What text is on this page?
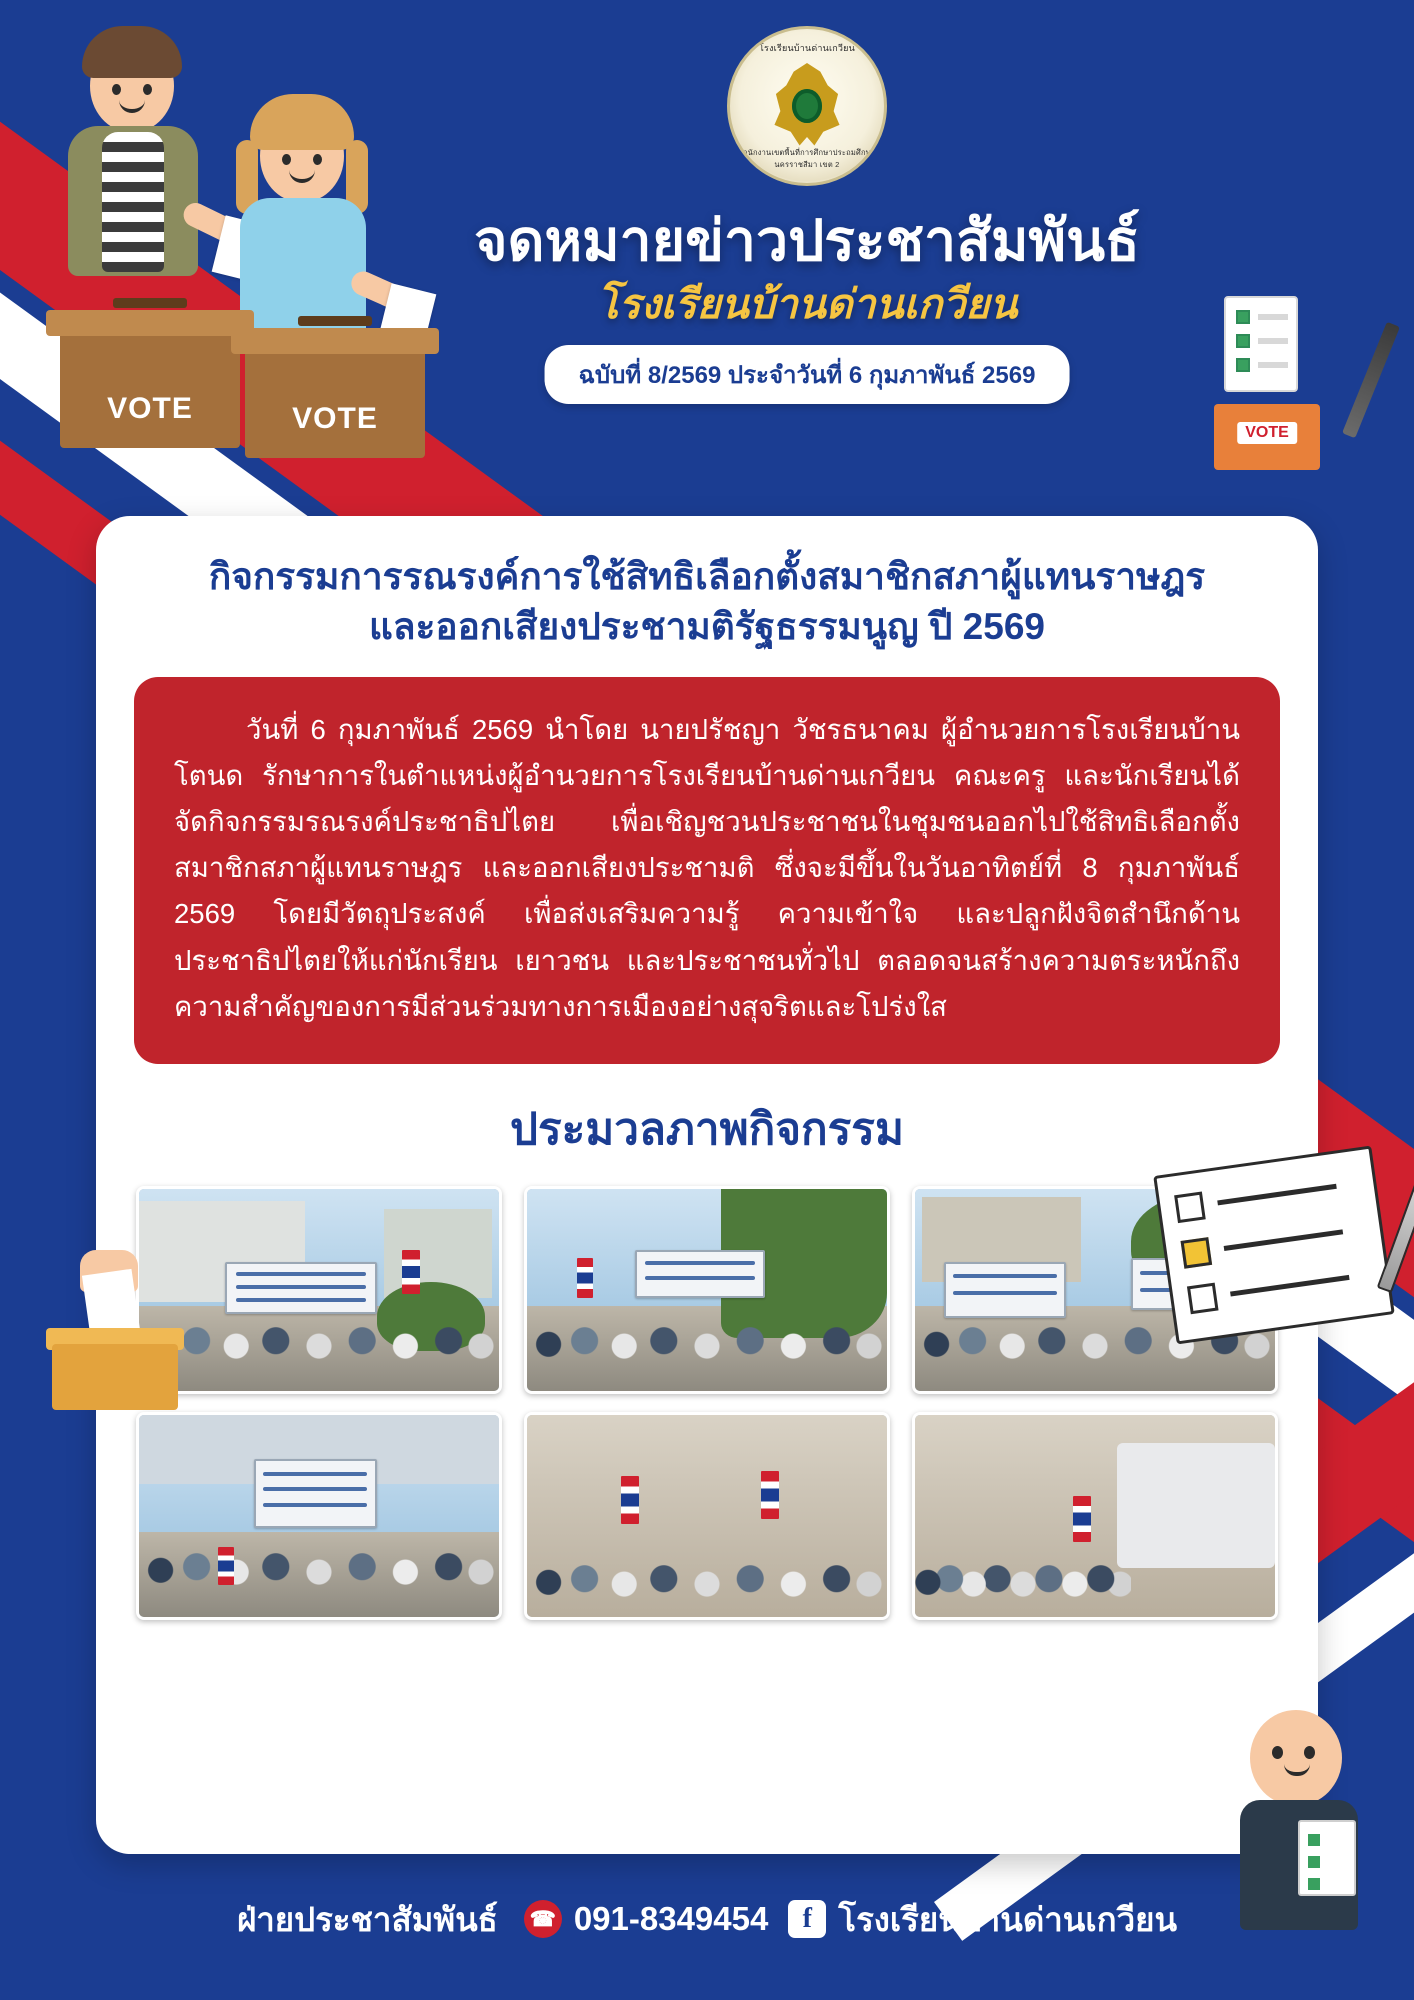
โรงเรียนบ้านด่านเกวียน
สำนักงานเขตพื้นที่การศึกษาประถมศึกษานครราชสีมา เขต 2
จดหมายข่าวประชาสัมพันธ์
โรงเรียนบ้านด่านเกวียน
ฉบับที่ 8/2569 ประจำวันที่ 6 กุมภาพันธ์ 2569
VOTE	VOTE	VOTE
กิจกรรมการรณรงค์การใช้สิทธิเลือกตั้งสมาชิกสภาผู้แทนราษฎร
และออกเสียงประชามติรัฐธรรมนูญ ปี 2569

วันที่ 6 กุมภาพันธ์ 2569 นำโดย นายปรัชญา วัชรธนาคม ผู้อำนวยการโรงเรียนบ้านโตนด รักษาการในตำแหน่งผู้อำนวยการโรงเรียนบ้านด่านเกวียน คณะครู และนักเรียนได้จัดกิจกรรมรณรงค์ประชาธิปไตย เพื่อเชิญชวนประชาชนในชุมชนออกไปใช้สิทธิเลือกตั้งสมาชิกสภาผู้แทนราษฎร และออกเสียงประชามติ ซึ่งจะมีขึ้นในวันอาทิตย์ที่ 8 กุมภาพันธ์ 2569 โดยมีวัตถุประสงค์ เพื่อส่งเสริมความรู้ ความเข้าใจ และปลูกฝังจิตสำนึกด้านประชาธิปไตยให้แก่นักเรียน เยาวชน และประชาชนทั่วไป ตลอดจนสร้างความตระหนักถึงความสำคัญของการมีส่วนร่วมทางการเมืองอย่างสุจริตและโปร่งใส

ประมวลภาพกิจกรรม
ฝ่ายประชาสัมพันธ์ ☎ 091-8349454	f โรงเรียนบ้านด่านเกวียน
